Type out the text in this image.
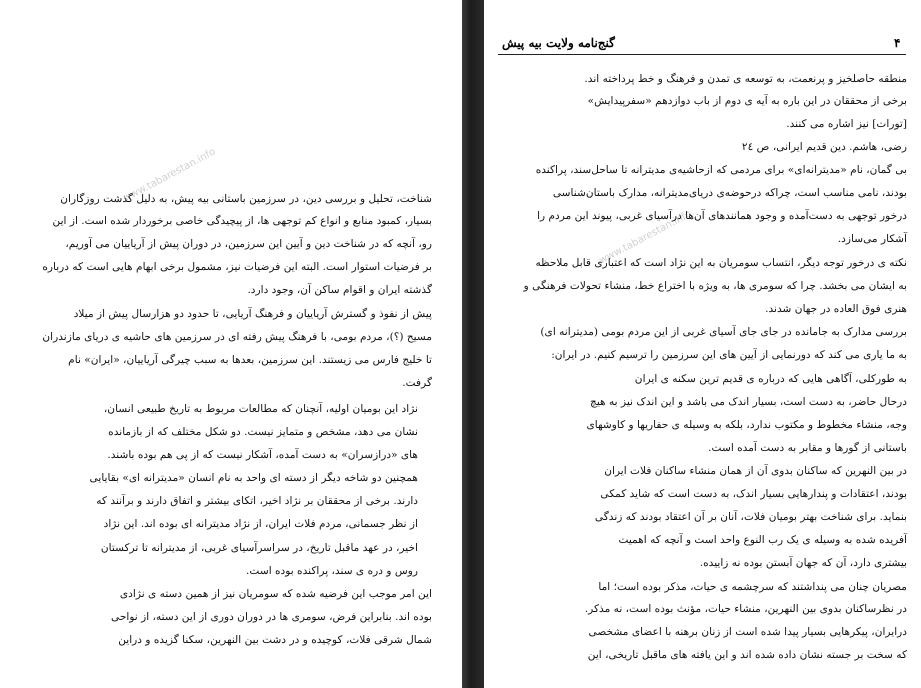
www.tabarestan.info
شناخت، تحلیل و بررسی دین، در سرزمین باستانی بیه پیش، به دلیل گذشت روزگاران
بسیار، کمبود منابع و انواع کم توجهی ها، از پیچیدگی خاصی برخوردار شده است. از این
رو، آنچه که در شناخت دین و آیین این سرزمین، در دوران پیش از آریاییان می آوریم،
بر فرضیات استوار است. البته این فرضیات نیز، مشمول برخی ابهام هایی است که درباره
گذشته ایران و اقوام ساکن آن، وجود دارد.
پیش از نفوذ و گسترش آریاییان و فرهنگ آریایی، تا حدود دو هزارسال پیش از میلاد
مسیح (؟)، مردم بومی، با فرهنگ پیش رفته ای در سرزمین های حاشیه ی دریای مازندران
تا خلیج فارس می زیستند. این سرزمین، بعدها به سبب چیرگی آریاییان، «ایران» نام
گرفت.
نژاد این بومیان اولیه، آنچنان که مطالعات مربوط به تاریخ طبیعی انسان،
نشان می دهد، مشخص و متمایز نیست. دو شکل مختلف که از بازمانده
های «درازسران» به دست آمده، آشکار نیست که از پی هم بوده باشند.
همچنین دو شاخه دیگر از دسته ای واحد به نام انسان «مدیترانه ای» بقایایی
دارند. برخی از محققان بر نژاد اخیر، اتکای بیشتر و اتفاق دارند و برآنند که
از نظر جسمانی، مردم فلات ایران، از نژاد مدیترانه ای بوده اند. این نژاد
اخیر، در عهد ماقبل تاریخ، در سراسرآسیای غربی، از مدیترانه تا ترکستان
روس و دره ی سند، پراکنده بوده است.
این امر موجب این فرضیه شده که سومریان نیز از همین دسته ی نژادی
بوده اند. بنابراین فرض، سومری ها در دوران دوری از این دسته، از نواحی
شمال شرقی فلات، کوچیده و در دشت بین النهرین، سکنا گزیده و دراین
۴
گنج‌نامه ولایت بیه پیش
www.tabarestan.info
منطقه حاصلخیز و پرنعمت، به توسعه ی تمدن و فرهنگ و خط پرداخته اند.
برخی از محققان در این باره به آیه ی دوم از باب دوازدهم «سفرپیدایش»
[تورات] نیز اشاره می کنند.
رضی، هاشم. دین قدیم ایرانی، ص ٢٤
بی گمان، نام «مدیترانه‌ای» برای مردمی که ازحاشیه‌ی مدیترانه تا ساحل‌سند، پراکنده
بودند، نامی مناسب است، چراکه درحوضه‌ی دریای‌مدیترانه، مدارک باستان‌شناسی
درخور توجهی به دست‌آمده و وجود همانندهای آن‌ها درآسیای غربی، پیوند این مردم را
آشکار می‌سازد.
نکته ی درخور توجه دیگر، انتساب سومریان به این نژاد است که اعتباری قابل ملاحظه
به ایشان می بخشد. چرا که سومری ها، به ویژه با اختراع خط، منشاء تحولات فرهنگی و
هنری فوق العاده در جهان شدند.
بررسی مدارک به جامانده در جای جای آسیای غربی از این مردم بومی (مدیترانه ای)
به ما یاری می کند که دورنمایی از آیین های این سرزمین را ترسیم کنیم. در ایران:
به طورکلی، آگاهی هایی که درباره ی قدیم ترین سکنه ی ایران
درحال حاضر، به دست است، بسیار اندک می باشد و این اندک نیز به هیچ
وجه، منشاء مخطوط و مکتوب ندارد، بلکه به وسیله ی حفاریها و کاوشهای
باستانی از گورها و مقابر به دست آمده است.
در بین النهرین که ساکنان بدوی آن از همان منشاء ساکنان فلات ایران
بودند، اعتقادات و پندارهایی بسیار اندک، به دست است که شاید کمکی
بنماید. برای شناخت بهتر بومیان فلات، آنان بر آن اعتقاد بودند که زندگی
آفریده شده به وسیله ی یک رب النوع واحد است و آنچه که اهمیت
بیشتری دارد، آن که جهان آبستن بوده نه زاییده.
مصریان چنان می پنداشتند که سرچشمه ی حیات، مذکر بوده است؛ اما
در نظرساکنان بدوی بین النهرین، منشاء حیات، مؤنث بوده است، نه مذکر.
درایران، پیکرهایی بسیار پیدا شده است از زنان برهنه با اعضای مشخصی
که سخت بر جسته نشان داده شده اند و این یافته های ماقبل تاریخی، این
